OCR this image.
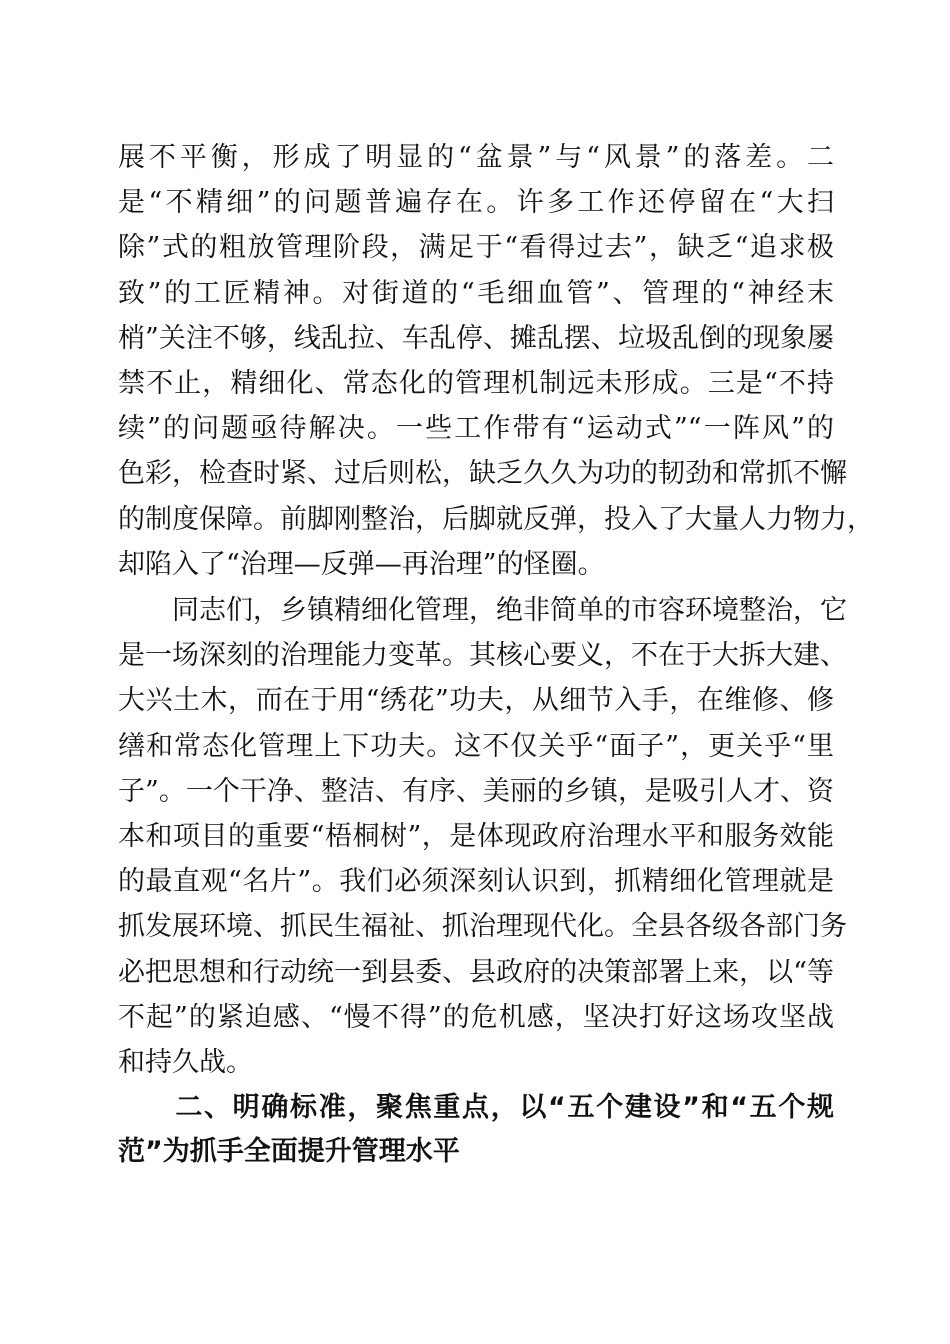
展不平衡，形成了明显的“盆景”与“风景”的落差。二
是“不精细”的问题普遍存在。许多工作还停留在“大扫
除”式的粗放管理阶段，满足于“看得过去”，缺乏“追求极
致”的工匠精神。对街道的“毛细血管”、管理的“神经末
梢”关注不够，线乱拉、车乱停、摊乱摆、垃圾乱倒的现象屡
禁不止，精细化、常态化的管理机制远未形成。三是“不持
续”的问题亟待解决。一些工作带有“运动式”“一阵风”的
色彩，检查时紧、过后则松，缺乏久久为功的韧劲和常抓不懈
的制度保障。前脚刚整治，后脚就反弹，投入了大量人力物力，
却陷入了“治理—反弹—再治理”的怪圈。
　　同志们，乡镇精细化管理，绝非简单的市容环境整治，它
是一场深刻的治理能力变革。其核心要义，不在于大拆大建、
大兴土木，而在于用“绣花”功夫，从细节入手，在维修、修
缮和常态化管理上下功夫。这不仅关乎“面子”，更关乎“里
子”。一个干净、整洁、有序、美丽的乡镇，是吸引人才、资
本和项目的重要“梧桐树”，是体现政府治理水平和服务效能
的最直观“名片”。我们必须深刻认识到，抓精细化管理就是
抓发展环境、抓民生福祉、抓治理现代化。全县各级各部门务
必把思想和行动统一到县委、县政府的决策部署上来，以“等
不起”的紧迫感、“慢不得”的危机感，坚决打好这场攻坚战
和持久战。
　　二、明确标准，聚焦重点，以“五个建设”和“五个规
范”为抓手全面提升管理水平
